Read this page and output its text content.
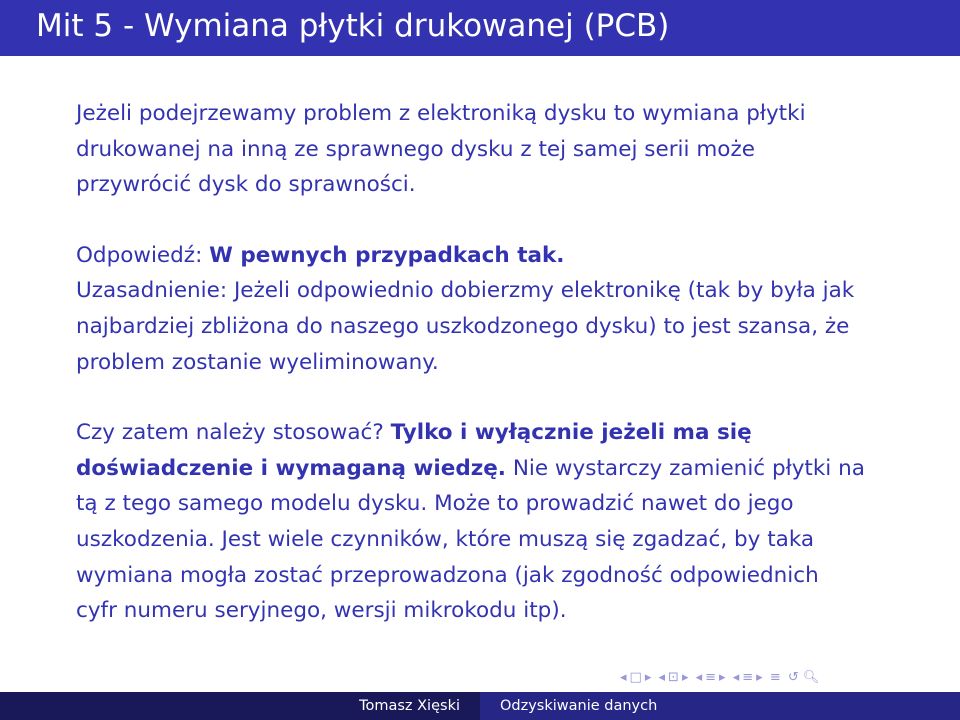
Mit 5 - Wymiana płytki drukowanej (PCB)

Jeżeli podejrzewamy problem z elektroniką dysku to wymiana płytki drukowanej na inną ze sprawnego dysku z tej samej serii może przywrócić dysk do sprawności.

Odpowiedź: W pewnych przypadkach tak.
Uzasadnienie: Jeżeli odpowiednio dobierzmy elektronikę (tak by była jak najbardziej zbliżona do naszego uszkodzonego dysku) to jest szansa, że problem zostanie wyeliminowany.

Czy zatem należy stosować? Tylko i wyłącznie jeżeli ma się doświadczenie i wymaganą wiedzę. Nie wystarczy zamienić płytki na tą z tego samego modelu dysku. Może to prowadzić nawet do jego uszkodzenia. Jest wiele czynników, które muszą się zgadzać, by taka wymiana mogła zostać przeprowadzona (jak zgodność odpowiednich cyfr numeru seryjnego, wersji mikrokodu itp).

◂ □ ▸ ◂ ⊡ ▸ ◂ ≡ ▸ ◂ ≡ ▸ ≡ ↺ 🔍︎
Tomasz Xięski	Odzyskiwanie danych
